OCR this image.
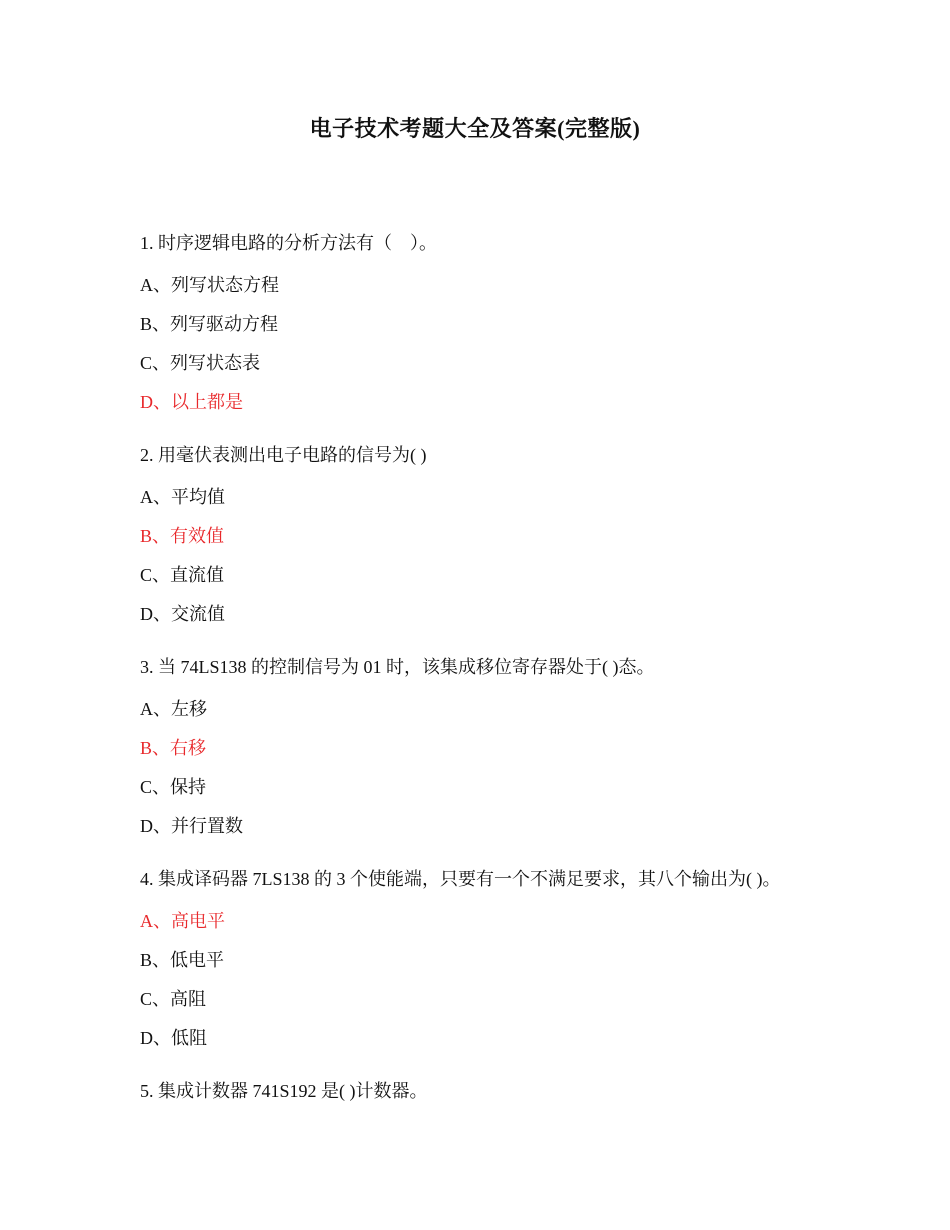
电子技术考题大全及答案(完整版)
1. 时序逻辑电路的分析方法有（　）。
A、列写状态方程
B、列写驱动方程
C、列写状态表
D、以上都是
2. 用毫伏表测出电子电路的信号为( )
A、平均值
B、有效值
C、直流值
D、交流值
3. 当 74LS138 的控制信号为 01 时，该集成移位寄存器处于( )态。
A、左移
B、右移
C、保持
D、并行置数
4. 集成译码器 7LS138 的 3 个使能端，只要有一个不满足要求，其八个输出为( )。
A、高电平
B、低电平
C、高阻
D、低阻
5. 集成计数器 741S192 是( )计数器。
